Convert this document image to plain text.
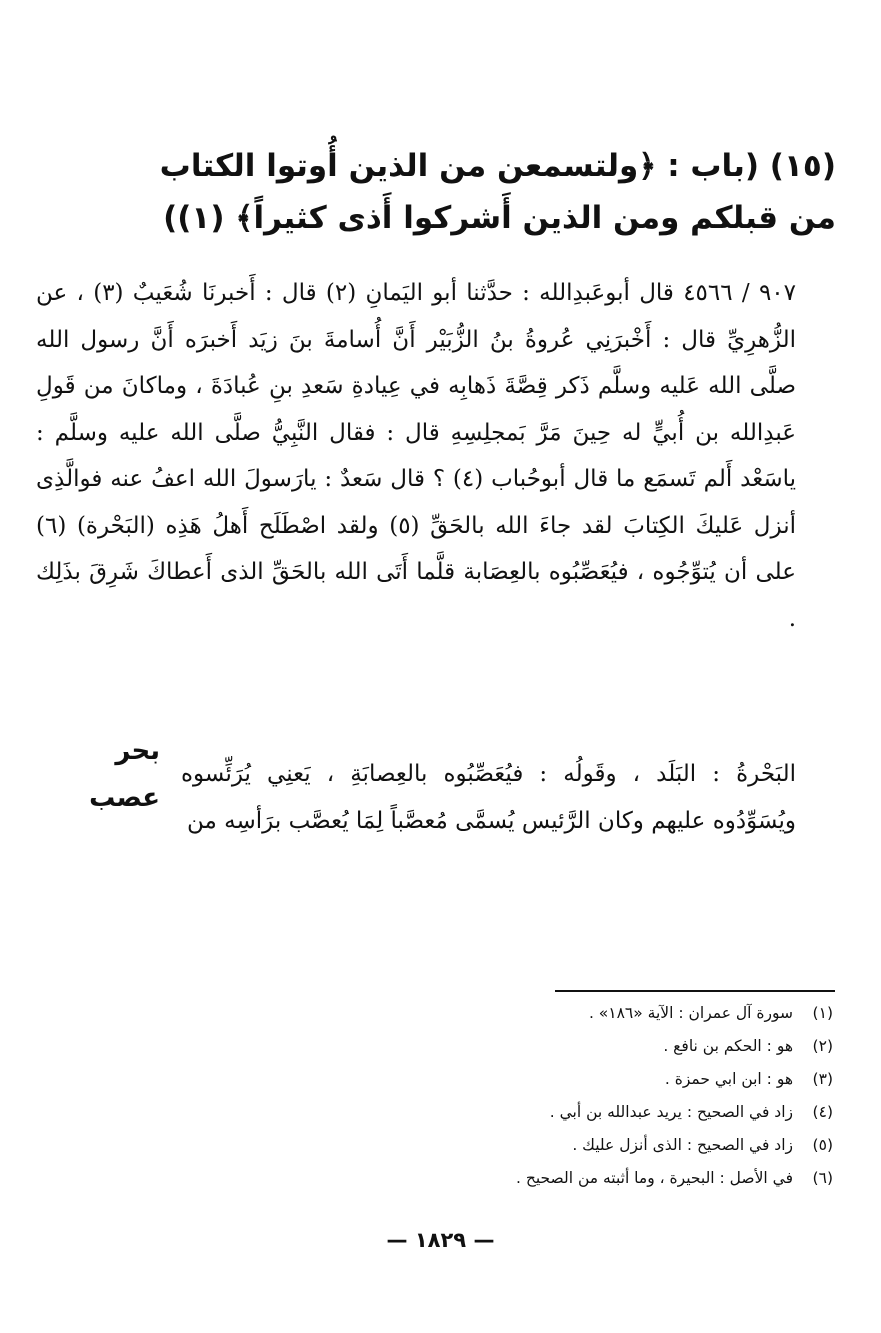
(١٥) (باب : ﴿ولتسمعن من الذين أُوتوا الكتاب
من قبلكم ومن الذين أَشركوا أَذى كثيراً﴾ (١))

٩٠٧ / ٤٥٦٦ قال أبوعَبدِالله : حدَّثنا أبو اليَمانِ (٢) قال : أَخبرنَا شُعَيبٌ (٣) ، عن الزُّهرِيِّ قال : أَخْبرَنِي عُروةُ بنُ الزُّبَيْر أَنَّ أُسامةَ بنَ زيَد أَخبرَه أَنَّ رسول الله صلَّى الله عَليه وسلَّم ذَكر قِصَّةَ ذَهابِه في عِيادةِ سَعدِ بنِ عُبادَةَ ، وماكانَ من قَولِ عَبدِالله بن أُبيٍّ له حِينَ مَرَّ بَمجلِسِهِ قال : فقال النَّبِيُّ صلَّى الله عليه وسلَّم : ياسَعْد أَلم تَسمَع ما قال أبوحُباب (٤) ؟ قال سَعدٌ : يارَسولَ الله اعفُ عنه فوالَّذِى أنزل عَليكَ الكِتابَ لقد جاءَ الله بالحَقِّ (٥) ولقد اصْطَلَح أَهلُ هَذِه (البَحْرة) (٦) على أن يُتوِّجُوه ، فيُعَصِّبُوه بالعِصَابة قلَّما أَتَى الله بالحَقِّ الذى أَعطاكَ شَرِقَ بذَلِك .

بحر
عصب

البَحْرةُ : البَلَد ، وقَولُه : فيُعَصِّبُوه بالعِصابَةِ ، يَعنِي يُرَئِّسوه ويُسَوِّدُوه عليهم وكان الرَّئيس يُسمَّى مُعصَّباً لِمَا يُعصَّب برَأسِه من

(١)
سورة آل عمران : الآية «١٨٦» .
(٢)
هو : الحكم بن نافع .
(٣)
هو : ابن ابي حمزة .
(٤)
زاد في الصحيح : يريد عبدالله بن أبي .
(٥)
زاد في الصحيح : الذى أنزل عليك .
(٦)
في الأصل : البحيرة ، وما أثبته من الصحيح .
— ١٨٢٩ —
